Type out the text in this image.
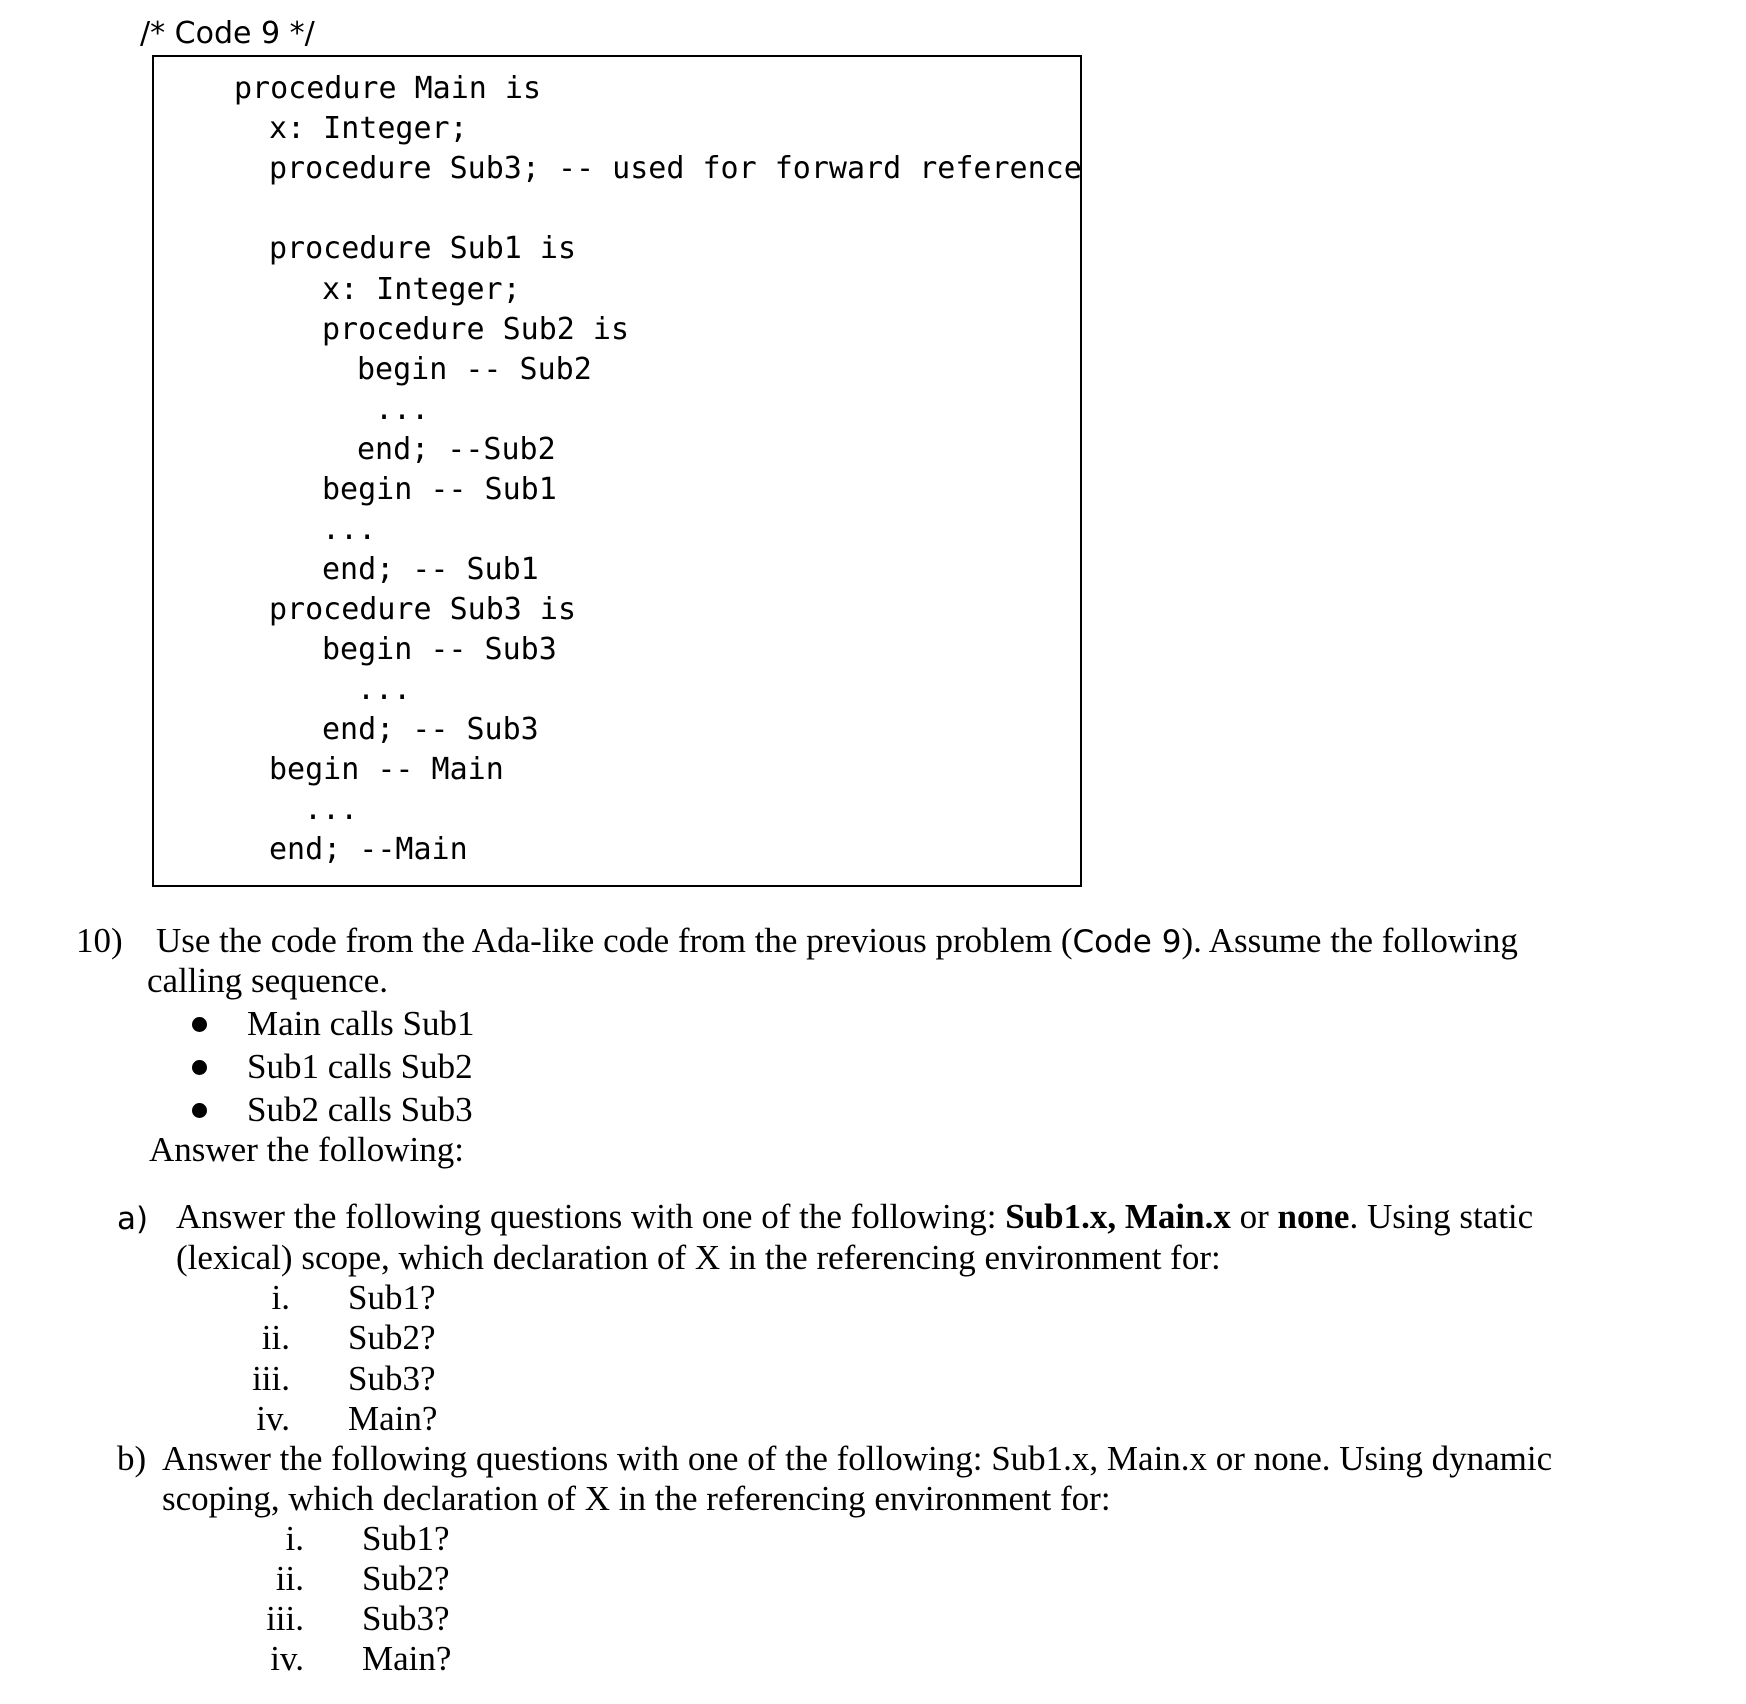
/* Code 9 */
procedure Main is
x: Integer;
procedure Sub3; -- used for forward reference
procedure Sub1 is
x: Integer;
procedure Sub2 is
begin -- Sub2
...
end; --Sub2
begin -- Sub1
...
end; -- Sub1
procedure Sub3 is
begin -- Sub3
...
end; -- Sub3
begin -- Main
...
end; --Main
10) Use the code from the Ada-like code from the previous problem (Code 9). Assume the following
calling sequence.
Main calls Sub1
Sub1 calls Sub2
Sub2 calls Sub3
Answer the following:
a) Answer the following questions with one of the following: Sub1.x, Main.x or none. Using static
(lexical) scope, which declaration of X in the referencing environment for:
i. Sub1?
ii. Sub2?
iii. Sub3?
iv. Main?
b) Answer the following questions with one of the following: Sub1.x, Main.x or none. Using dynamic
scoping, which declaration of X in the referencing environment for:
i. Sub1?
ii. Sub2?
iii. Sub3?
iv. Main?
